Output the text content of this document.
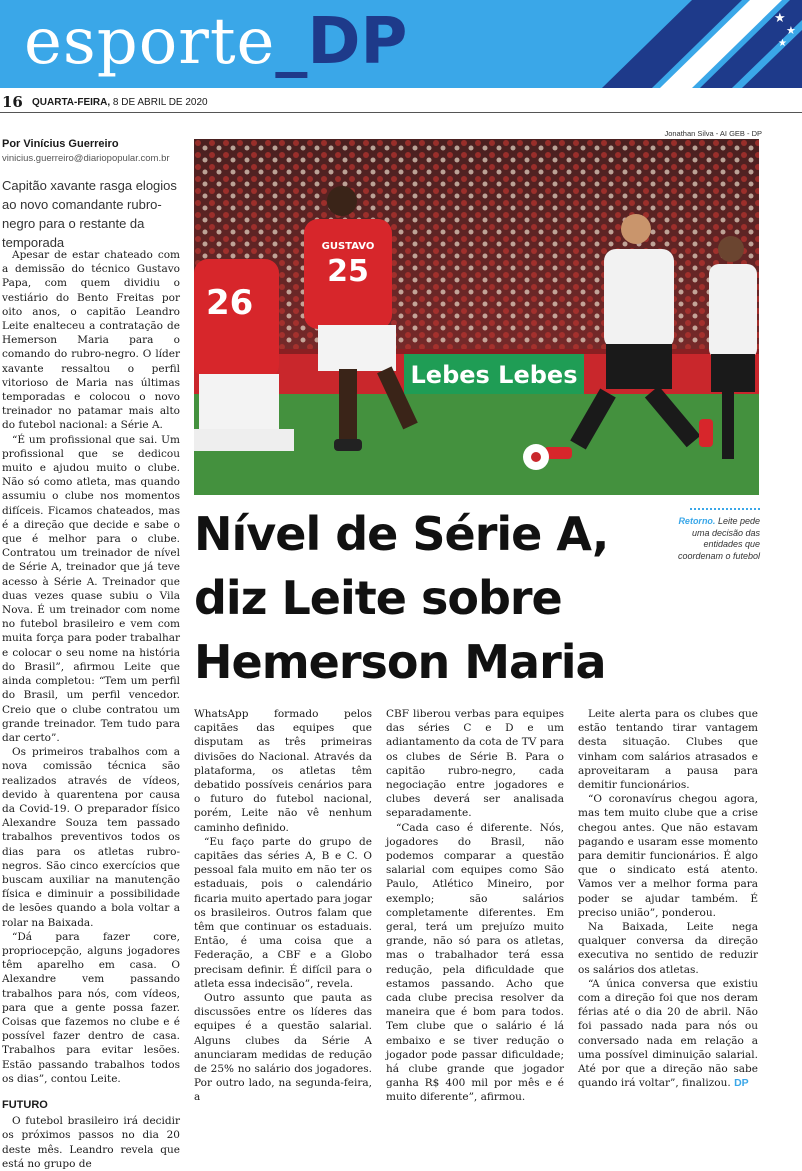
esporte_DP	★
★
★
16 QUARTA-FEIRA, 8 DE ABRIL DE 2020
Por Vinícius Guerreiro
vinicius.guerreiro@diariopopular.com.br
Capitão xavante rasga elogios ao novo comandante rubro-negro para o restante da temporada
Jonathan Silva - AI GEB - DP
Lebes Lebes
26
GUSTAVO
25
Retorno. Leite pede uma decisão das entidades que coordenam o futebol
Nível de Série A, diz Leite sobre Hemerson Maria

Apesar de estar chateado com a demissão do técnico Gustavo Papa, com quem dividiu o vestiário do Bento Freitas por oito anos, o capitão Leandro Leite enalteceu a contratação de Hemerson Maria para o comando do rubro-negro. O líder xavante ressaltou o perfil vitorioso de Maria nas últimas temporadas e colocou o novo treinador no patamar mais alto do futebol nacional: a Série A.

“É um profissional que sai. Um profissional que se dedicou muito e ajudou muito o clube. Não só como atleta, mas quando assumiu o clube nos momentos difíceis. Ficamos chateados, mas é a direção que decide e sabe o que é melhor para o clube. Contratou um treinador de nível de Série A, treinador que já teve acesso à Série A. Treinador que duas vezes quase subiu o Vila Nova. É um treinador com nome no futebol brasileiro e vem com muita força para poder trabalhar e colocar o seu nome na história do Brasil”, afirmou Leite que ainda completou: “Tem um perfil do Brasil, um perfil vencedor. Creio que o clube contratou um grande treinador. Tem tudo para dar certo”.

Os primeiros trabalhos com a nova comissão técnica são realizados através de vídeos, devido à quarentena por causa da Covid-19. O preparador físico Alexandre Souza tem passado trabalhos preventivos todos os dias para os atletas rubro-negros. São cinco exercícios que buscam auxiliar na manutenção física e diminuir a possibilidade de lesões quando a bola voltar a rolar na Baixada.

“Dá para fazer core, propriocepção, alguns jogadores têm aparelho em casa. O Alexandre vem passando trabalhos para nós, com vídeos, para que a gente possa fazer. Coisas que fazemos no clube e é possível fazer dentro de casa. Trabalhos para evitar lesões. Estão passando trabalhos todos os dias”, contou Leite.

FUTURO

O futebol brasileiro irá decidir os próximos passos no dia 20 deste mês. Leandro revela que está no grupo de

WhatsApp formado pelos capitães das equipes que disputam as três primeiras divisões do Nacional. Através da plataforma, os atletas têm debatido possíveis cenários para o futuro do futebol nacional, porém, Leite não vê nenhum caminho definido.

“Eu faço parte do grupo de capitães das séries A, B e C. O pessoal fala muito em não ter os estaduais, pois o calendário ficaria muito apertado para jogar os brasileiros. Outros falam que têm que continuar os estaduais. Então, é uma coisa que a Federação, a CBF e a Globo precisam definir. É difícil para o atleta essa indecisão”, revela.

Outro assunto que pauta as discussões entre os líderes das equipes é a questão salarial. Alguns clubes da Série A anunciaram medidas de redução de 25% no salário dos jogadores. Por outro lado, na segunda-feira, a

CBF liberou verbas para equipes das séries C e D e um adiantamento da cota de TV para os clubes de Série B. Para o capitão rubro-negro, cada negociação entre jogadores e clubes deverá ser analisada separadamente.

“Cada caso é diferente. Nós, jogadores do Brasil, não podemos comparar a questão salarial com equipes como São Paulo, Atlético Mineiro, por exemplo; são salários completamente diferentes. Em geral, terá um prejuízo muito grande, não só para os atletas, mas o trabalhador terá essa redução, pela dificuldade que estamos passando. Acho que cada clube precisa resolver da maneira que é bom para todos. Tem clube que o salário é lá embaixo e se tiver redução o jogador pode passar dificuldade; há clube grande que jogador ganha R$ 400 mil por mês e é muito diferente”, afirmou.

Leite alerta para os clubes que estão tentando tirar vantagem desta situação. Clubes que vinham com salários atrasados e aproveitaram a pausa para demitir funcionários.

“O coronavírus chegou agora, mas tem muito clube que a crise chegou antes. Que não estavam pagando e usaram esse momento para demitir funcionários. É algo que o sindicato está atento. Vamos ver a melhor forma para poder se ajudar também. É preciso união”, ponderou.

Na Baixada, Leite nega qualquer conversa da direção executiva no sentido de reduzir os salários dos atletas.

“A única conversa que existiu com a direção foi que nos deram férias até o dia 20 de abril. Não foi passado nada para nós ou conversado nada em relação a uma possível diminuição salarial. Até por que a direção não sabe quando irá voltar”, finalizou. DP
